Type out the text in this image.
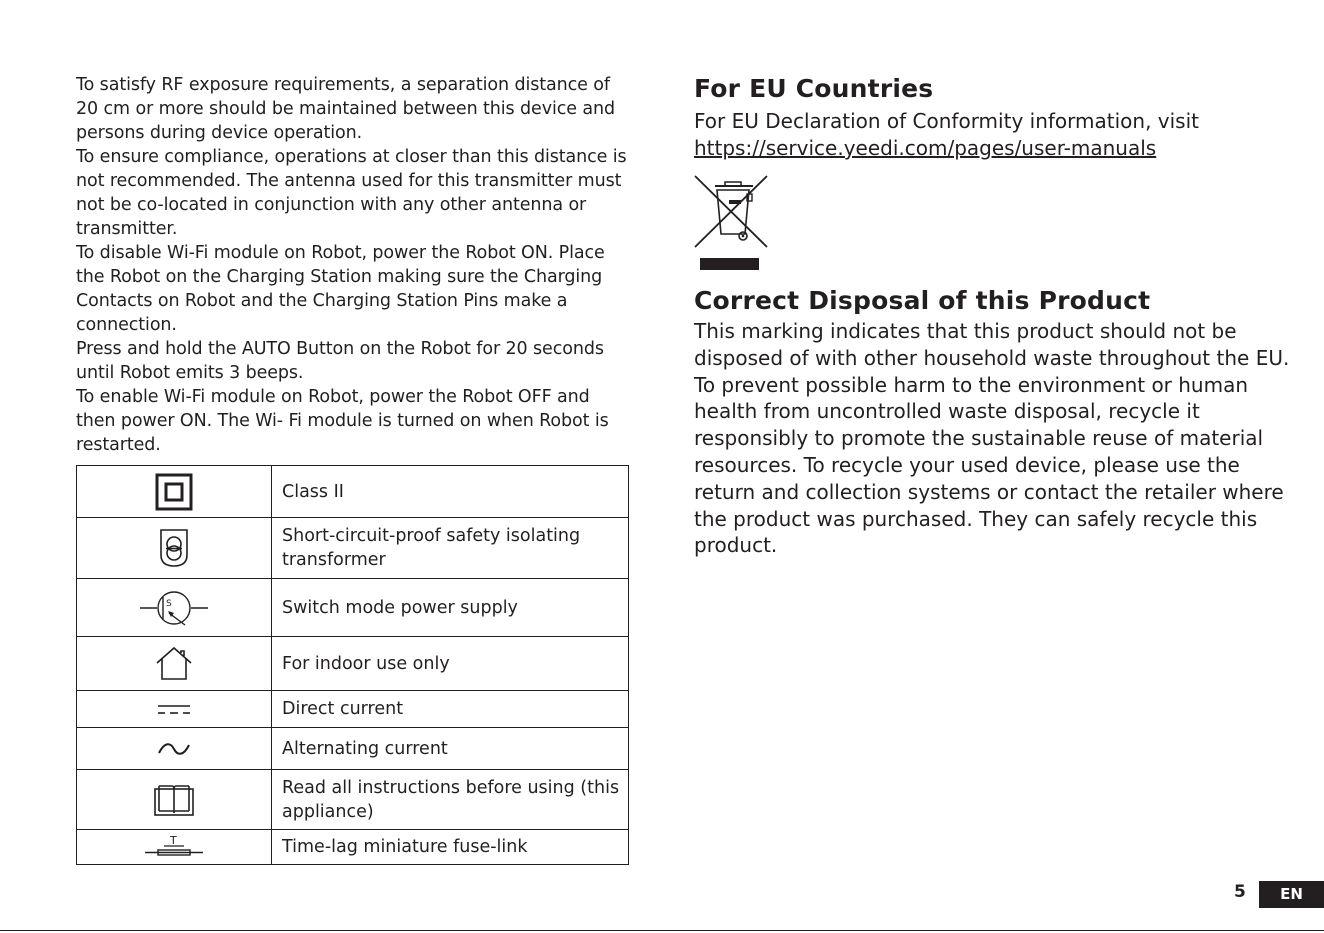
To satisfy RF exposure requirements, a separation distance of 20 cm or more should be maintained between this device and persons during device operation.

To ensure compliance, operations at closer than this distance is not recommended. The antenna used for this transmitter must not be co-located in conjunction with any other antenna or transmitter.

To disable Wi-Fi module on Robot, power the Robot ON. Place the Robot on the Charging Station making sure the Charging Contacts on Robot and the Charging Station Pins make a connection.

Press and hold the AUTO Button on the Robot for 20 seconds until Robot emits 3 beeps.

To enable Wi-Fi module on Robot, power the Robot OFF and then power ON. The Wi- Fi module is turned on when Robot is restarted.

	Class II

	Short-circuit-proof safety isolating transformer

S	Switch mode power supply

	For indoor use only

	Direct current

	Alternating current

	Read all instructions before using (this appliance)

T	Time-lag miniature fuse-link
For EU Countries

For EU Declaration of Conformity information, visit

https://service.yeedi.com/pages/user-manuals
Correct Disposal of this Product

This marking indicates that this product should not be disposed of with other household waste throughout the EU. To prevent possible harm to the environment or human health from uncontrolled waste disposal, recycle it responsibly to promote the sustainable reuse of material resources. To recycle your used device, please use the return and collection systems or contact the retailer where the product was purchased. They can safely recycle this product.

5	EN
